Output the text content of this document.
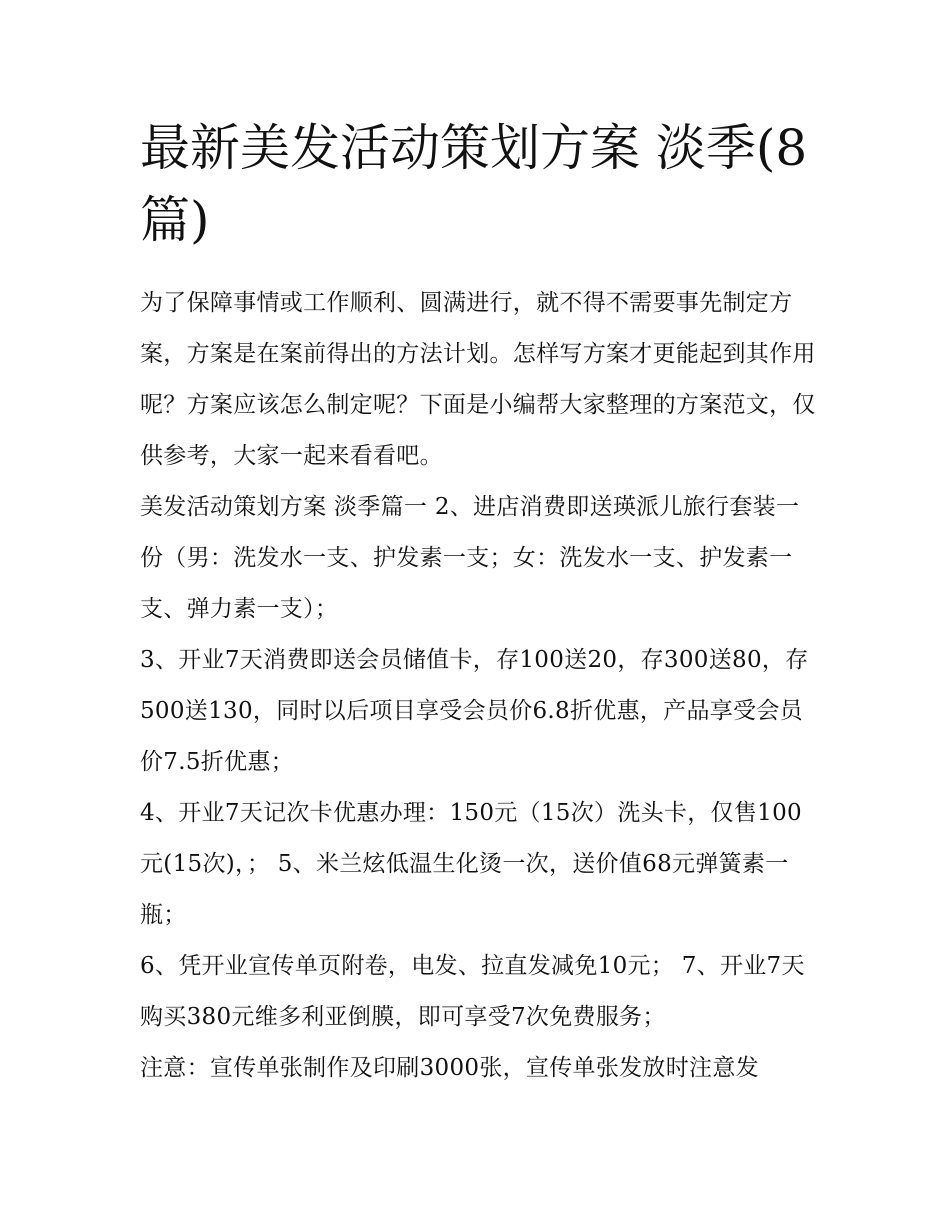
最新美发活动策划方案 淡季(8篇)

为了保障事情或工作顺利、圆满进行，就不得不需要事先制定方案，方案是在案前得出的方法计划。怎样写方案才更能起到其作用呢？方案应该怎么制定呢？下面是小编帮大家整理的方案范文，仅供参考，大家一起来看看吧。

美发活动策划方案 淡季篇一 2、进店消费即送瑛派儿旅行套装一份（男：洗发水一支、护发素一支；女：洗发水一支、护发素一支、弹力素一支）；

3、开业7天消费即送会员储值卡，存100送20，存300送80，存500送130，同时以后项目享受会员价6.8折优惠，产品享受会员价7.5折优惠；

4、开业7天记次卡优惠办理：150元（15次）洗头卡，仅售100元(15次)，； 5、米兰炫低温生化烫一次，送价值68元弹簧素一瓶；

6、凭开业宣传单页附卷，电发、拉直发减免10元； 7、开业7天购买380元维多利亚倒膜，即可享受7次免费服务；

注意：宣传单张制作及印刷3000张，宣传单张发放时注意发
